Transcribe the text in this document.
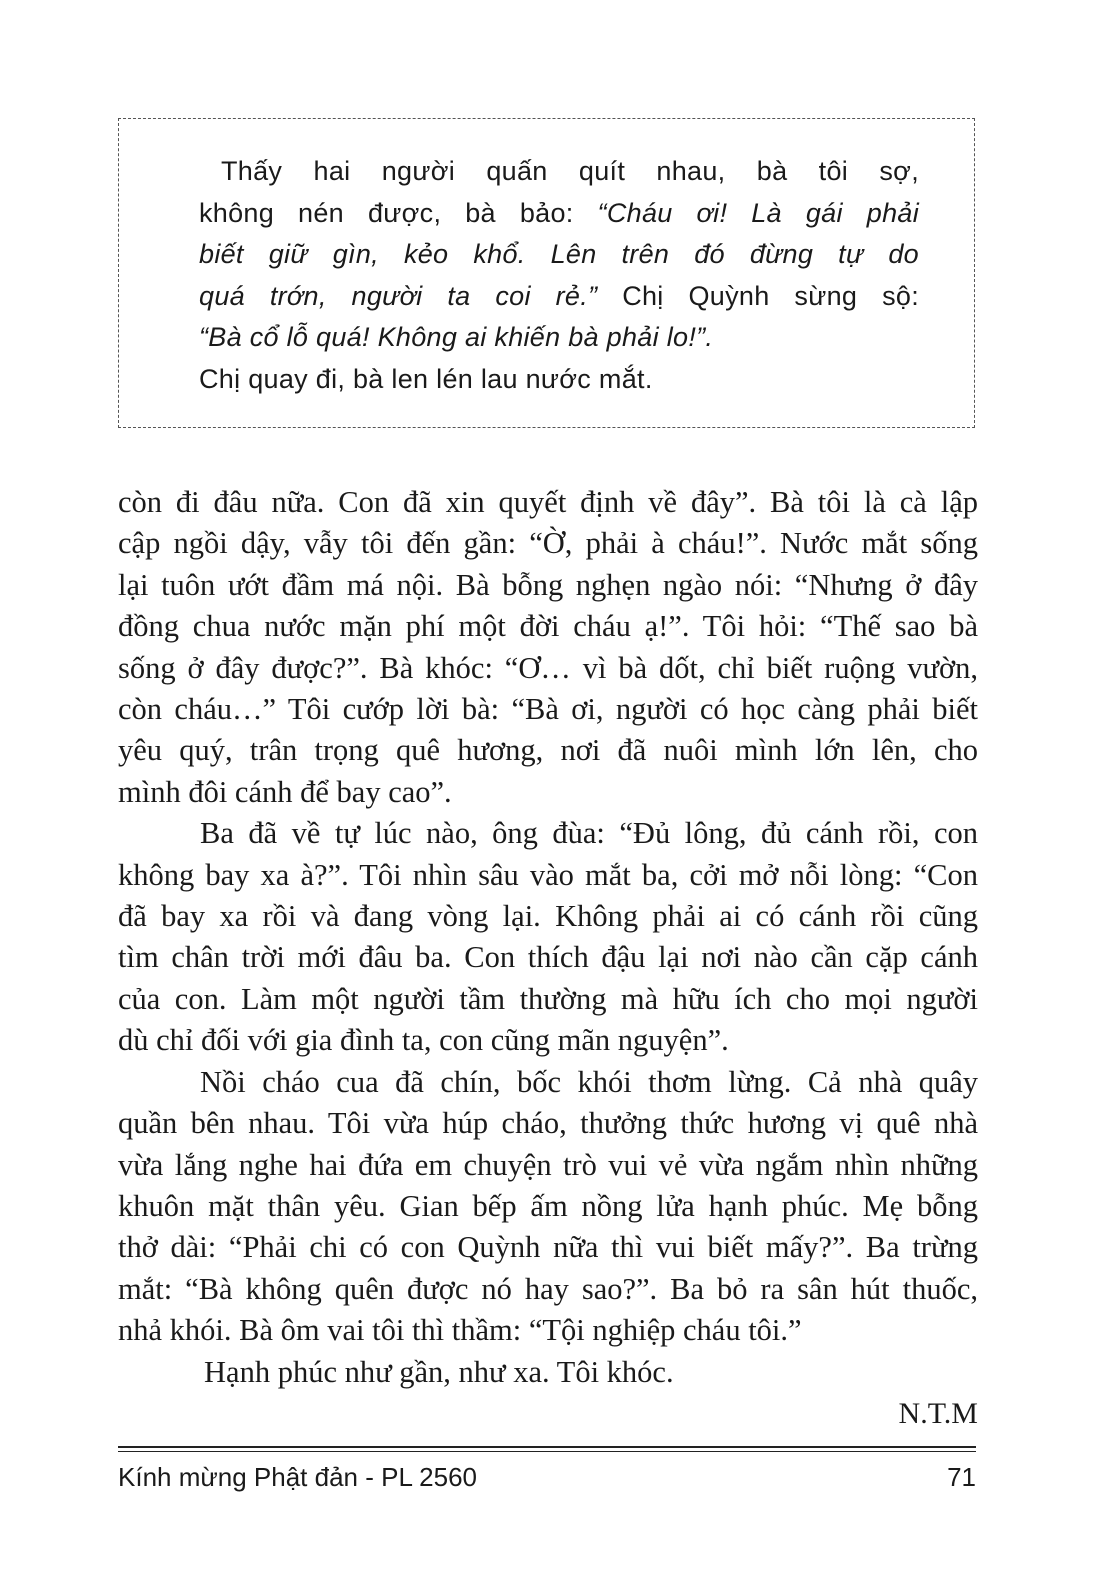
Thấy hai người quấn quít nhau, bà tôi sợ,
không nén được, bà bảo: “Cháu ơi! Là gái phải
biết giữ gìn, kẻo khổ. Lên trên đó đừng tự do
quá trớn, người ta coi rẻ.” Chị Quỳnh sừng sộ:
“Bà cổ lỗ quá! Không ai khiến bà phải lo!”.
Chị quay đi, bà len lén lau nước mắt.
còn đi đâu nữa. Con đã xin quyết định về đây”. Bà tôi là cà lập
cập ngồi dậy, vẫy tôi đến gần: “Ờ, phải à cháu!”. Nước mắt sống
lại tuôn ướt đầm má nội. Bà bỗng nghẹn ngào nói: “Nhưng ở đây
đồng chua nước mặn phí một đời cháu ạ!”. Tôi hỏi: “Thế sao bà
sống ở đây được?”. Bà khóc: “Ơ… vì bà dốt, chỉ biết ruộng vườn,
còn cháu…” Tôi cướp lời bà: “Bà ơi, người có học càng phải biết
yêu quý, trân trọng quê hương, nơi đã nuôi mình lớn lên, cho
mình đôi cánh để bay cao”.
Ba đã về tự lúc nào, ông đùa: “Đủ lông, đủ cánh rồi, con
không bay xa à?”. Tôi nhìn sâu vào mắt ba, cởi mở nỗi lòng: “Con
đã bay xa rồi và đang vòng lại. Không phải ai có cánh rồi cũng
tìm chân trời mới đâu ba. Con thích đậu lại nơi nào cần cặp cánh
của con. Làm một người tầm thường mà hữu ích cho mọi người
dù chỉ đối với gia đình ta, con cũng mãn nguyện”.
Nồi cháo cua đã chín, bốc khói thơm lừng. Cả nhà quây
quần bên nhau. Tôi vừa húp cháo, thưởng thức hương vị quê nhà
vừa lắng nghe hai đứa em chuyện trò vui vẻ vừa ngắm nhìn những
khuôn mặt thân yêu. Gian bếp ấm nồng lửa hạnh phúc. Mẹ bỗng
thở dài: “Phải chi có con Quỳnh nữa thì vui biết mấy?”. Ba trừng
mắt: “Bà không quên được nó hay sao?”. Ba bỏ ra sân hút thuốc,
nhả khói. Bà ôm vai tôi thì thầm: “Tội nghiệp cháu tôi.”
Hạnh phúc như gần, như xa. Tôi khóc.
N.T.M
Kính mừng Phật đản - PL 2560	71
